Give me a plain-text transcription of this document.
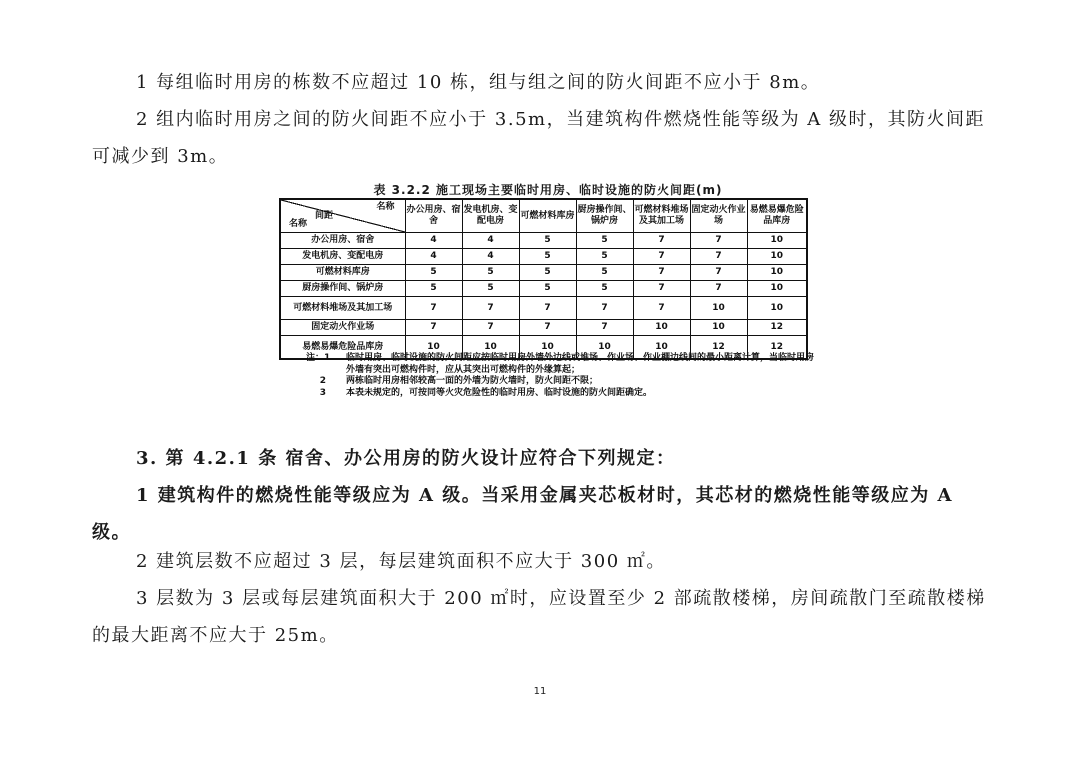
1 每组临时用房的栋数不应超过 10 栋，组与组之间的防火间距不应小于 8m。

2 组内临时用房之间的防火间距不应小于 3.5m，当建筑构件燃烧性能等级为 A 级时，其防火间距可减少到 3m。

表 3.2.2 施工现场主要临时用房、临时设施的防火间距(m)
名称
间距
名称	办公用房、宿舍	发电机房、变配电房	可燃材料库房	厨房操作间、锅炉房	可燃材料堆场及其加工场	固定动火作业场	易燃易爆危险品库房
办公用房、宿舍	4	4	5	5	7	7	10
发电机房、变配电房	4	4	5	5	7	7	10
可燃材料库房	5	5	5	5	7	7	10
厨房操作间、锅炉房	5	5	5	5	7	7	10
可燃材料堆场及其加工场	7	7	7	7	7	10	10
固定动火作业场	7	7	7	7	10	10	12
易燃易爆危险品库房	10	10	10	10	10	12	12
注：1	临时用房、临时设施的防火间距应按临时用房外墙外边线或堆场、作业场、作业棚边线间的最小距离计算，当临时用房外墙有突出可燃构件时，应从其突出可燃构件的外缘算起；
2	两栋临时用房相邻较高一面的外墙为防火墙时，防火间距不限；
3	本表未规定的，可按同等火灾危险性的临时用房、临时设施的防火间距确定。

3. 第 4.2.1 条 宿舍、办公用房的防火设计应符合下列规定：

1 建筑构件的燃烧性能等级应为 A 级。当采用金属夹芯板材时，其芯材的燃烧性能等级应为 A 级。

2 建筑层数不应超过 3 层，每层建筑面积不应大于 300 ㎡。

3 层数为 3 层或每层建筑面积大于 200 ㎡时，应设置至少 2 部疏散楼梯，房间疏散门至疏散楼梯的最大距离不应大于 25m。

11
